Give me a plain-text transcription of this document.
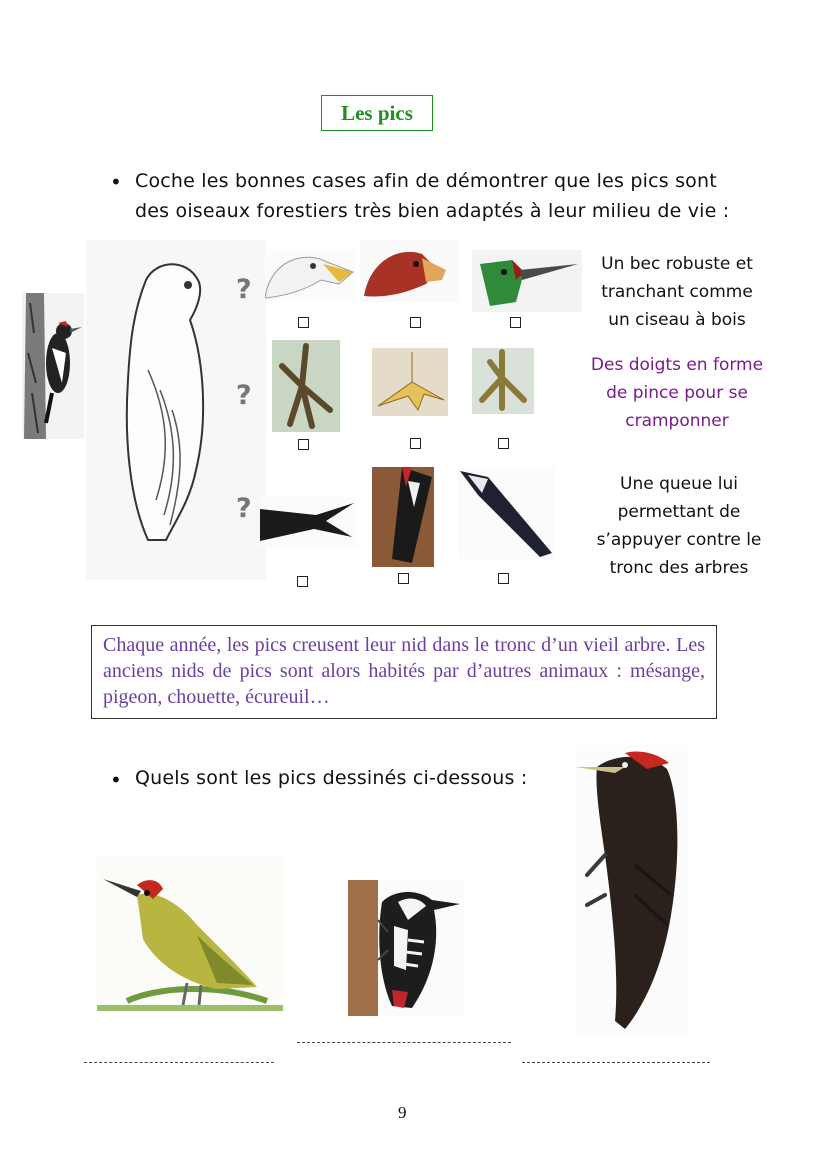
Les pics
• Coche les bonnes cases afin de démontrer que les pics sont
des oiseaux forestiers très bien adaptés à leur milieu de vie :
?
?
?
Un bec robuste et
tranchant comme
un ciseau à bois
Des doigts en forme
de pince pour se
cramponner
Une queue lui
permettant de
s’appuyer contre le
tronc des arbres
Chaque année, les pics creusent leur nid dans le tronc d’un vieil arbre. Les anciens nids de pics sont alors habités par d’autres animaux : mésange, pigeon, chouette, écureuil…
• Quels sont les pics dessinés ci-dessous :
9
